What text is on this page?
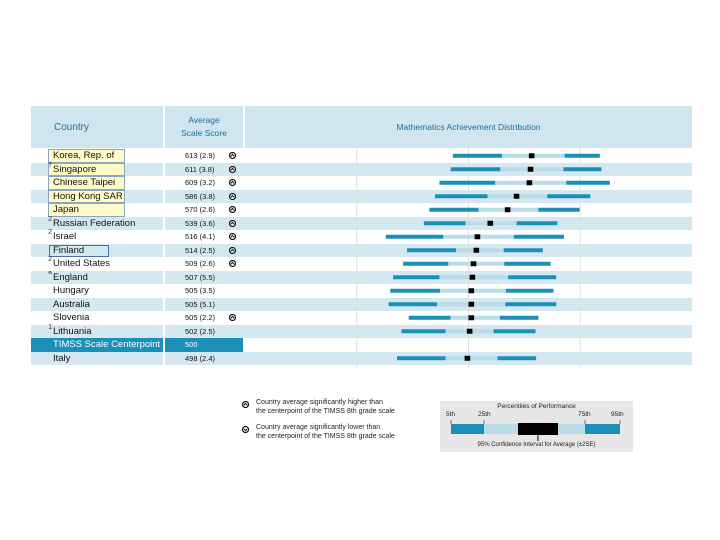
Country
Average
Scale Score
Mathematics Achievement Distribution
Korea, Rep. of	613 (2.9)
† Singapore	611 (3.8)
Chinese Taipei	609 (3.2)
Hong Kong SAR	586 (3.8)
Japan	570 (2.6)
2 Russian Federation	539 (3.6)
2 Israel	516 (4.1)
Finland	514 (2.5)
2 United States	509 (2.6)
≡ England	507 (5.5)
Hungary	505 (3.5)
Australia	505 (5.1)
Slovenia	505 (2.2)
1 Lithuania	502 (2.5)
TIMSS Scale Centerpoint	500
Italy	498 (2.4)
Country average significantly higher than
the centerpoint of the TIMSS 8th grade scale
Country average significantly lower than
the centerpoint of the TIMSS 8th grade scale
Percentiles of Performance
5th	25th	75th	95th
95% Confidence Interval for Average (±2SE)
